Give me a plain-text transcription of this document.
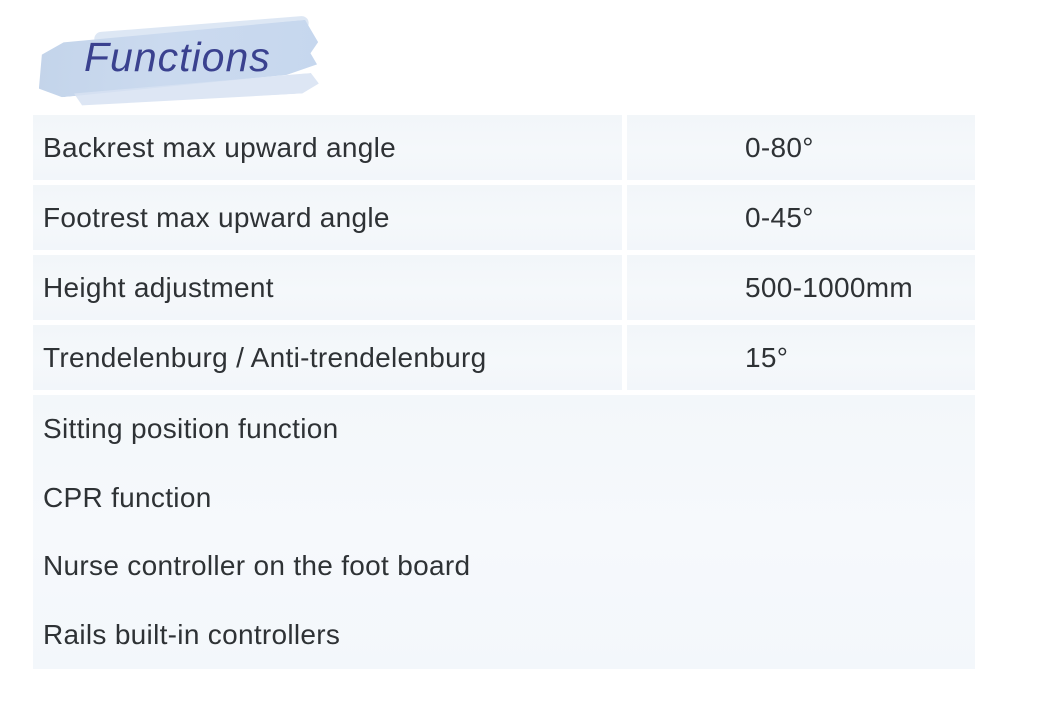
Functions
Backrest max upward angle	0-80°
Footrest max upward angle	0-45°
Height adjustment	500-1000mm
Trendelenburg / Anti-trendelenburg	15°
Sitting position function
CPR function
Nurse controller on the foot board
Rails built-in controllers
